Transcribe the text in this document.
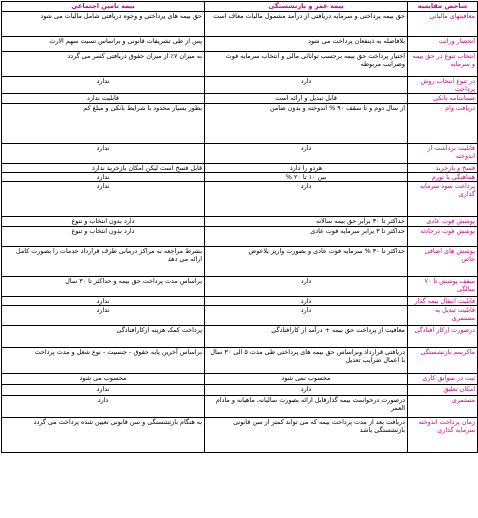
شاخص مقایسه	بیمه عمر و بازنشستگی	بیمه تامین اجتماعی
معافیتهای مالیاتی	حق بیمه پرداختی و سرمایه دریافتی از درآمد مشمول مالیات معاف است	حق بیمه های پرداختی و وجوه دریافتی شامل مالیات می شود
انحصار وراثت	بلافاصله به ذینفعان پرداخت می شود	پس از طی تشریفات قانونی و براساس نسبت سهم الارث
انتخاب تنوع در حق بیمه و سرمایه	اختیار پرداخت حق بیمه برحسب توانائی مالی و انتخاب سرمایه فوت وضرایب مربوطه	به میزان ۷٪ از میزان حقوق دریافتی کسر می گردد
در تنوع انتخاب روش پرداخت	دارد	ندارد
ضمانتنامه بانکی	قابل تبدیل و ارائه است	قابلیت ندارد
دریافت وام	از سال دوم و تا سقف ۹۰ % اندوخته و بدون ضامن	بطور بسیار محدود با شرایط بانکی و مبلغ کم
قابلیت برداشت از اندوخته	دارد	ندارد
فسخ و بازخرید	هردو را دارد	قابل فسخ است لیکن امکان بازخرید ندارد
هماهنگی با تورم	بین ۱۰ تا ۲۰ %	ندارد
پرداخت سود سرمایه گذاری	دارد	ندارد
پوشش فوت عادی	حداکثر تا ۳۰ برابر حق بیمه سالانه	دارد بدون انتخاب و تنوع
پوشش فوت درحادثه	حداکثر تا ۳ برابر سرمایه فوت عادی	دارد بدون انتخاب و تنوع
پوشش های اضافی خاص	حداکثر تا ۳۰ % سرمایه فوت عادی و بصورت واریز بلاعوض	بشرط مراجعه به مراکز درمانی طرف قرارداد خدمات را بصورت کامل ارائه می دهد
سقف پوشش تا ۷۰ سالگی	دارد	براساس مدت پرداخت حق بیمه و حداکثر تا ۳۰ سال
قابلیت انتقال بیمه گذار	دارد	ندارد
قابلیت تبدیل به مستمری	دارد	ندارد
درصورت ازکار افتادگی	معافیت از پرداخت حق بیمه + درآمد از کارافتادگی	پرداخت کمک هزینه ازکارافتادگی
ماکزیمم بازنشستگی	دریافتی قرارداد وبراساس حق بیمه های پرداختی طی مدت ۵ الی ۳۰ سال با اعمال ضرایب تعدیل	براساس آخرین پایه حقوق - جنسیت - نوع شغل و مدت پرداخت
ثبت در سوابق کاری	محسوب نمی شود	محسوب می شود
امکان تعلیق	دارد	ندارد
مستمری	درصورت درخواست بیمه گذارقابل ارائه بصورت سالیانه، ماهیانه و مادام العمر	دارد
زمان پرداخت اندوخته سرمایه گذاری	دریافت بعد از مدت پرداخت بیمه که می تواند کمتر از سن قانونی بازنشستگی باشد	به هنگام بازنشستگی و سن قانونی تعیین شده پرداخت می گردد
